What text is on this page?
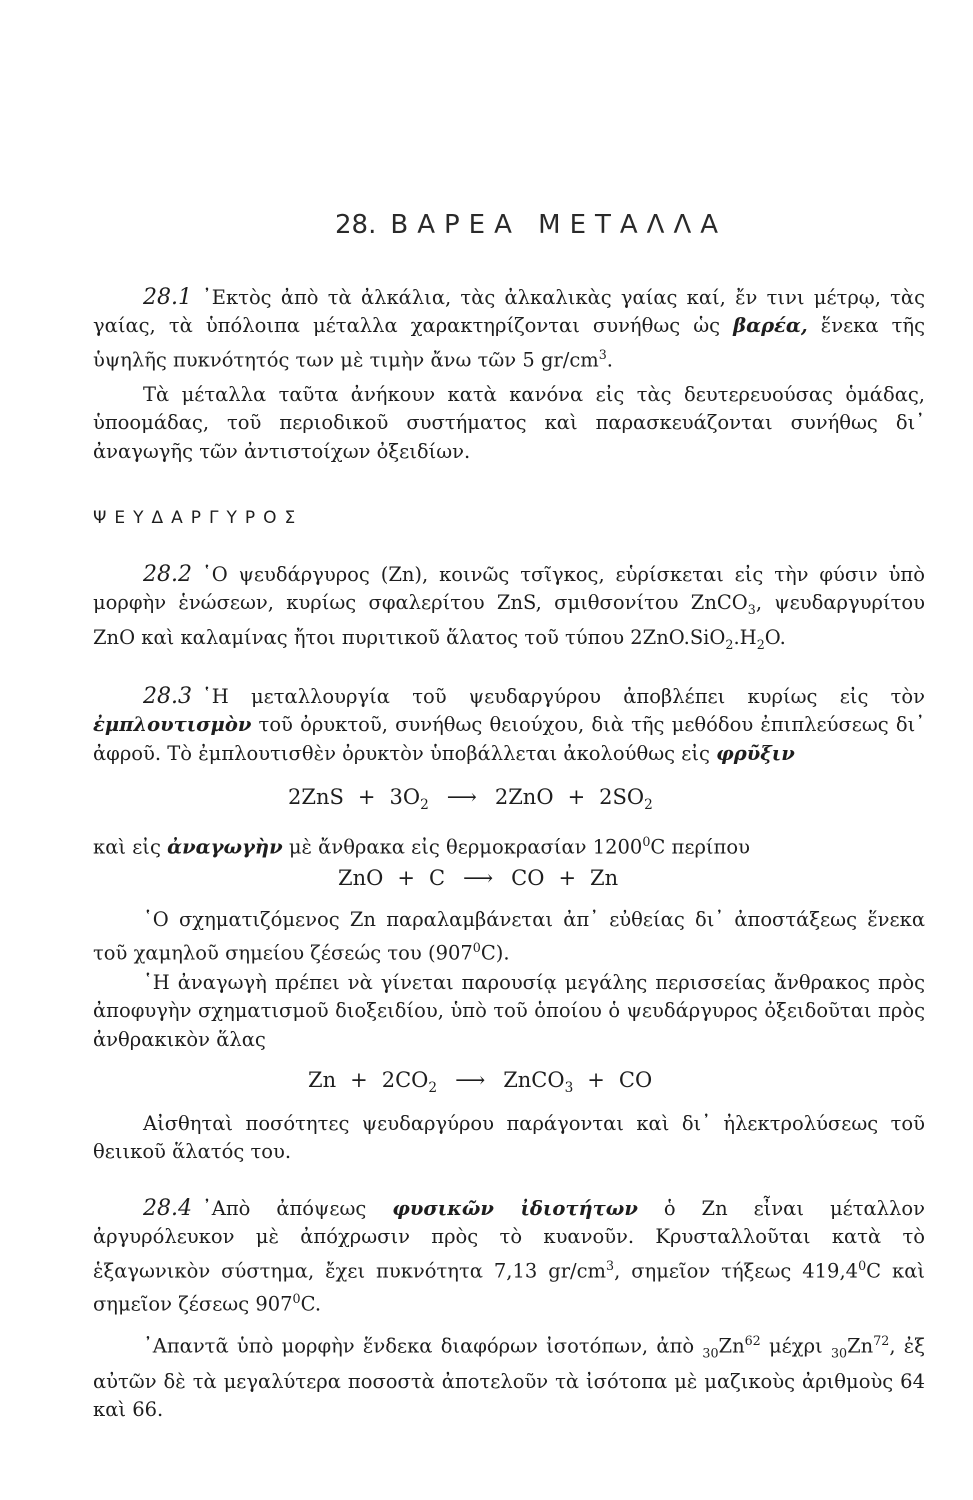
28. ΒΑΡΕΑ ΜΕΤΑΛΛΑ
28.1 ᾿Εκτὸς ἀπὸ τὰ ἀλκάλια, τὰς ἀλκαλικὰς γαίας καί, ἔν τινι μέτρῳ, τὰς γαίας, τὰ ὑπόλοιπα μέταλλα χαρακτηρίζονται συνήθως ὡς βαρέα, ἕνεκα τῆς ὑψηλῆς πυκνότητός των μὲ τιμὴν ἄνω τῶν 5 $gr/cm^3$.
Τὰ μέταλλα ταῦτα ἀνήκουν κατὰ κανόνα εἰς τὰς δευτερευούσας ὁμάδας, ὑποομάδας, τοῦ περιοδικοῦ συστήματος καὶ παρασκευάζονται συνήθως δι᾿ ἀναγωγῆς τῶν ἀντιστοίχων ὀξειδίων.
ΨΕΥΔΑΡΓΥΡΟΣ
28.2 ῾Ο ψευδάργυρος (Zn), κοινῶς τσῖγκος, εὑρίσκεται εἰς τὴν φύσιν ὑπὸ μορφὴν ἑνώσεων, κυρίως σφαλερίτου ZnS, σμιθσονίτου ZnCO$_3$, ψευδαργυρίτου ZnO καὶ καλαμίνας ἤτοι πυριτικοῦ ἅλατος τοῦ τύπου $2ZnO.SiO_2.H_2O$.
28.3 ῾Η μεταλλουργία τοῦ ψευδαργύρου ἀποβλέπει κυρίως εἰς τὸν ἐμπλουτισμὸν τοῦ ὀρυκτοῦ, συνήθως θειούχου, διὰ τῆς μεθόδου ἐπιπλεύσεως δι᾿ ἀφροῦ. Τὸ ἐμπλουτισθὲν ὀρυκτὸν ὑποβάλλεται ἀκολούθως εἰς φρῦξιν
$2ZnS + 3O_2$ ⟶ $2ZnO + 2SO_2$
καὶ εἰς ἀναγωγὴν μὲ ἄνθρακα εἰς θερμοκρασίαν 1200$^0$C περίπου
ZnO + C ⟶ CO + Zn
῾Ο σχηματιζόμενος Zn παραλαμβάνεται ἀπ᾿ εὐθείας δι᾿ ἀποστάξεως ἕνεκα τοῦ χαμηλοῦ σημείου ζέσεώς του $(907^0C)$.
῾Η ἀναγωγὴ πρέπει νὰ γίνεται παρουσίᾳ μεγάλης περισσείας ἄνθρακος πρὸς ἀποφυγὴν σχηματισμοῦ διοξειδίου, ὑπὸ τοῦ ὁποίου ὁ ψευδάργυρος ὀξειδοῦται πρὸς ἀνθρακικὸν ἅλας
$Zn + 2CO_2$ ⟶ ZnCO$_3$ + CO
Αἰσθηταὶ ποσότητες ψευδαργύρου παράγονται καὶ δι᾿ ἠλεκτρολύσεως τοῦ θειικοῦ ἅλατός του.
28.4 ᾿Απὸ ἀπόψεως φυσικῶν ἰδιοτήτων ὁ Zn εἶναι μέταλλον ἀργυρόλευκον μὲ ἀπόχρωσιν πρὸς τὸ κυανοῦν. Κρυσταλλοῦται κατὰ τὸ ἑξαγωνικὸν σύστημα, ἔχει πυκνότητα 7,13 $gr/cm^3$, σημεῖον τήξεως 419,4$^0$C καὶ σημεῖον ζέσεως $907^0C$.
᾿Απαντᾶ ὑπὸ μορφὴν ἕνδεκα διαφόρων ἰσοτόπων, ἀπὸ $_{30}Zn^{62}$ μέχρι $_{30}Zn^{72}$, ἐξ αὐτῶν δὲ τὰ μεγαλύτερα ποσοστὰ ἀποτελοῦν τὰ ἰσότοπα μὲ μαζικοὺς ἀριθμοὺς 64 καὶ 66.
